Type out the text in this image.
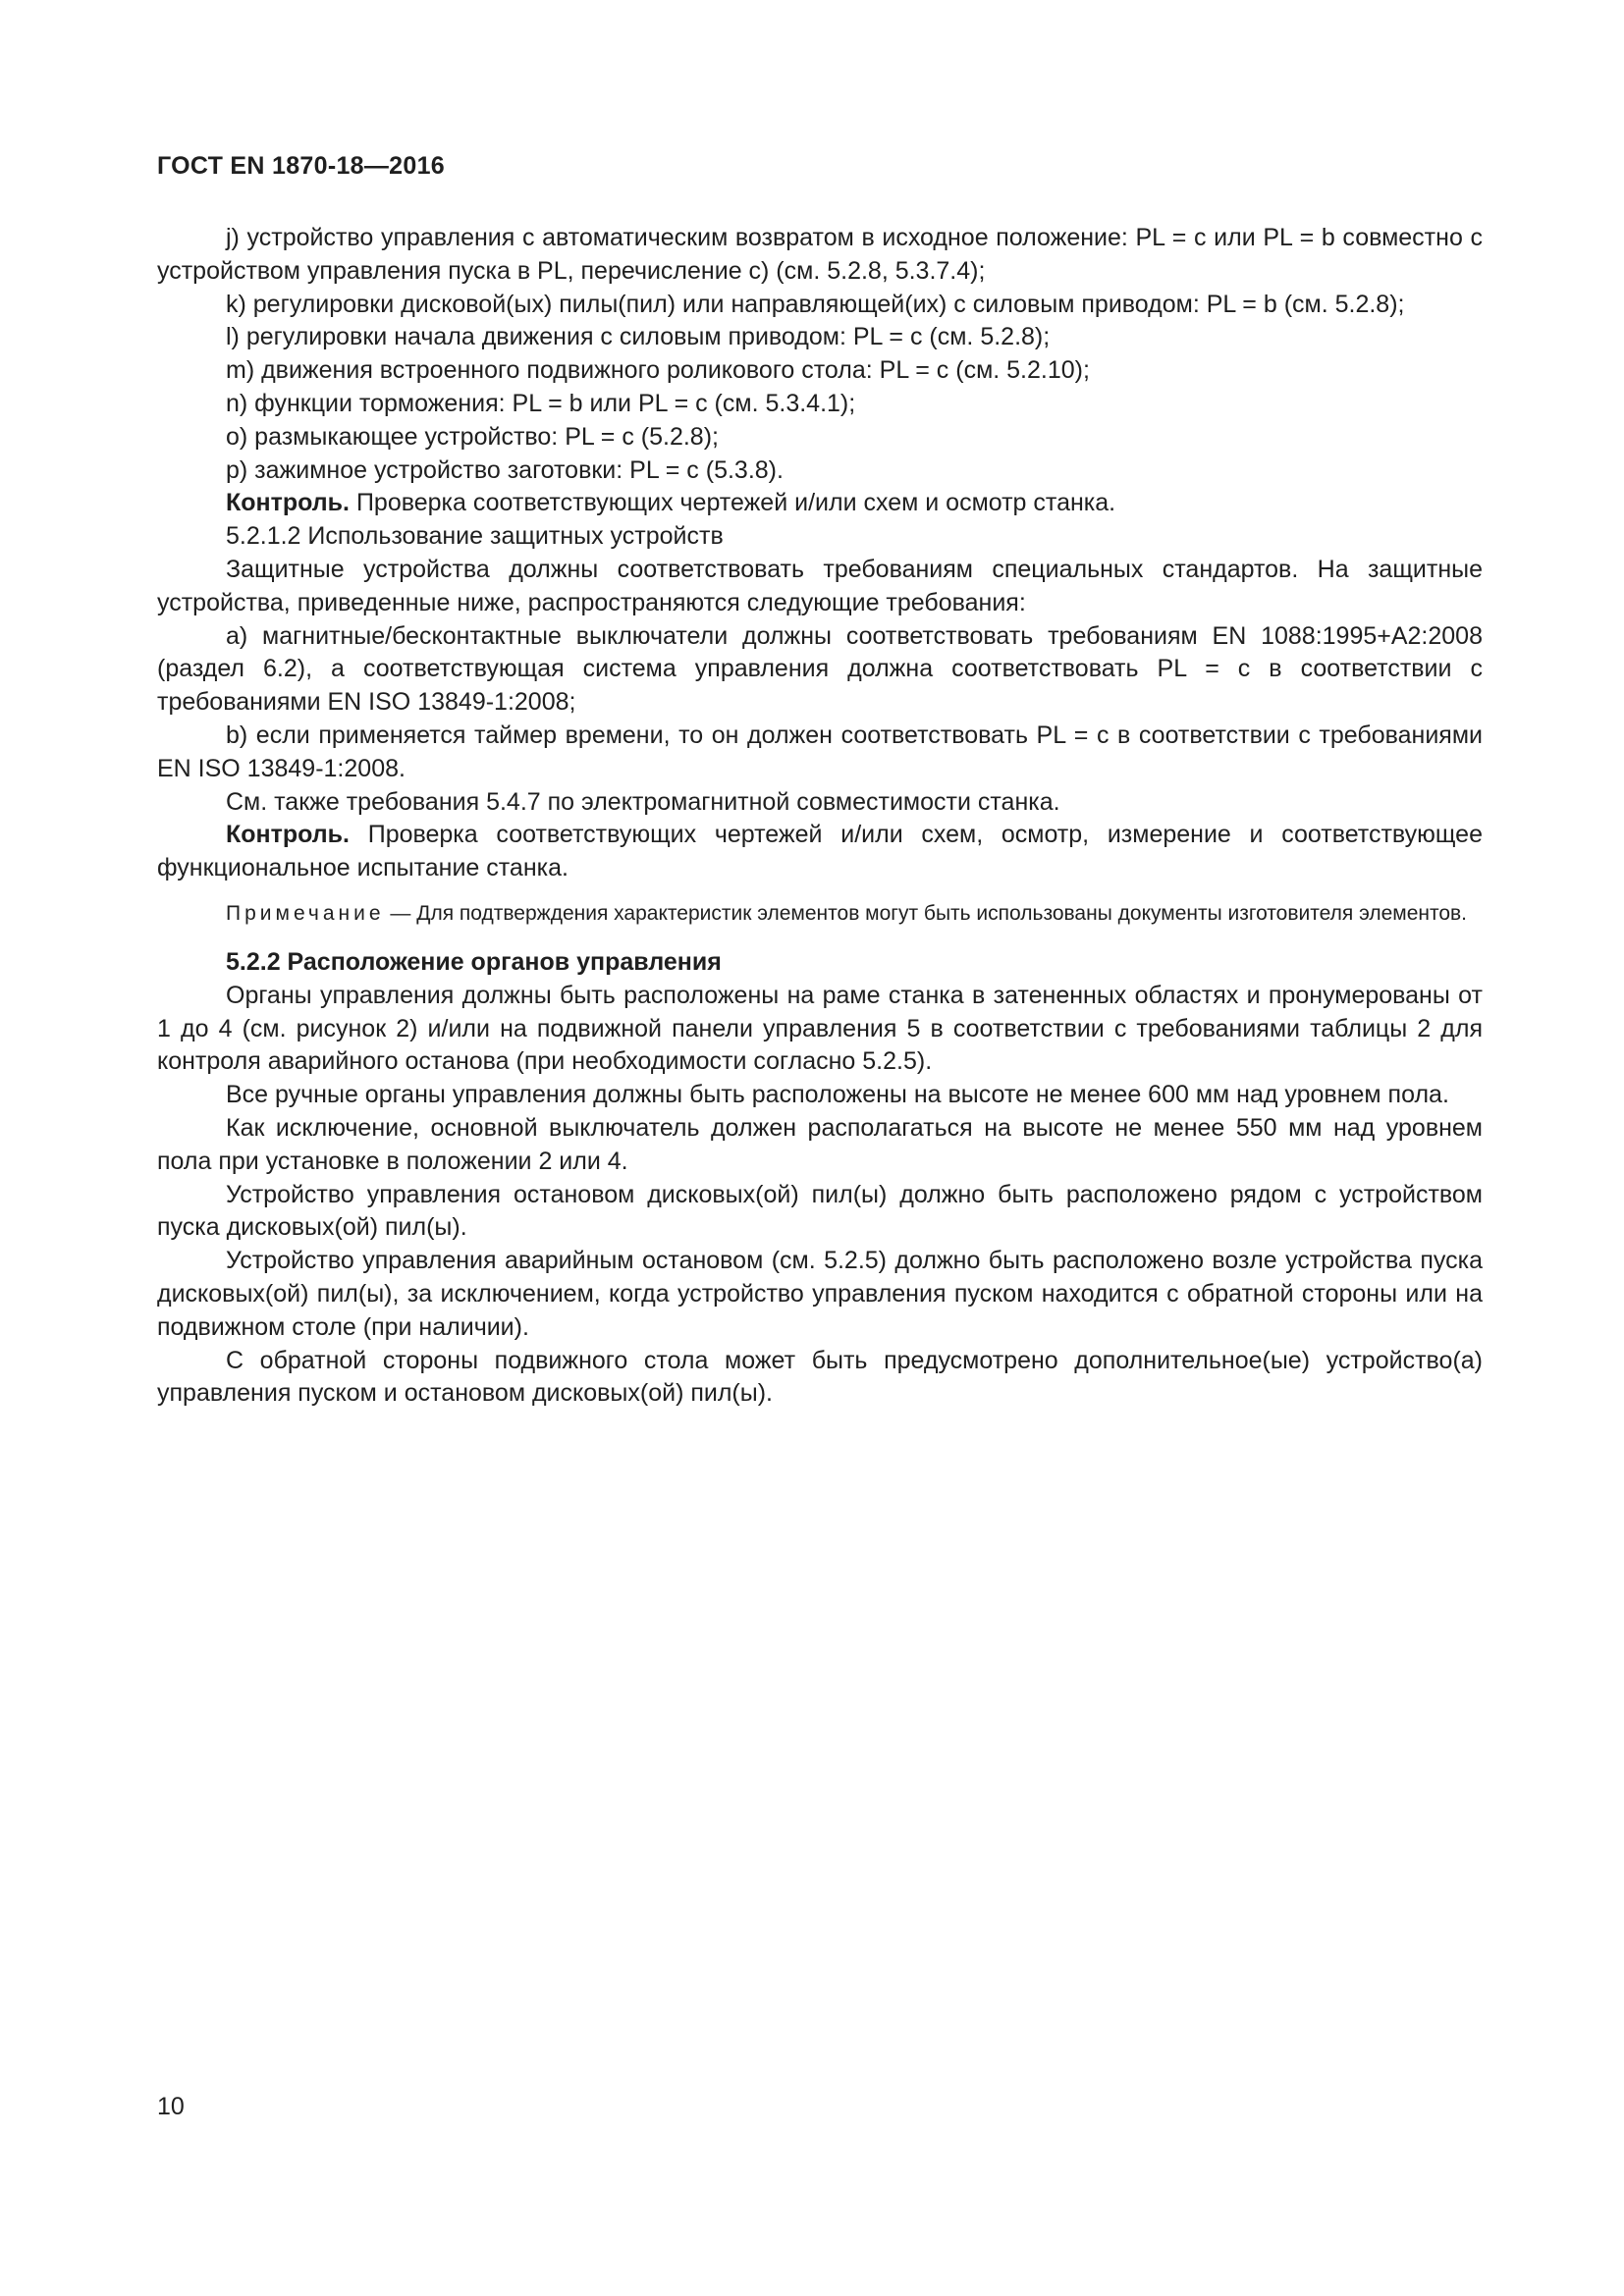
ГОСТ EN 1870-18—2016

j) устройство управления с автоматическим возвратом в исходное положение: PL = c или PL = b совместно с устройством управления пуска в PL, перечисление c) (см. 5.2.8, 5.3.7.4);

k) регулировки дисковой(ых) пилы(пил) или направляющей(их) с силовым приводом: PL = b (см. 5.2.8);

l) регулировки начала движения с силовым приводом: PL = c (см. 5.2.8);

m) движения встроенного подвижного роликового стола: PL = c (см. 5.2.10);

n) функции торможения: PL = b или PL = c (см. 5.3.4.1);

o) размыкающее устройство: PL = c (5.2.8);

p) зажимное устройство заготовки: PL = c (5.3.8).

Контроль. Проверка соответствующих чертежей и/или схем и осмотр станка.

5.2.1.2 Использование защитных устройств

Защитные устройства должны соответствовать требованиям специальных стандартов. На защитные устройства, приведенные ниже, распространяются следующие требования:

a) магнитные/бесконтактные выключатели должны соответствовать требованиям EN 1088:1995+A2:2008 (раздел 6.2), а соответствующая система управления должна соответствовать PL = c в соответствии с требованиями EN ISO 13849-1:2008;

b) если применяется таймер времени, то он должен соответствовать PL = c в соответствии с требованиями EN ISO 13849-1:2008.

См. также требования 5.4.7 по электромагнитной совместимости станка.

Контроль. Проверка соответствующих чертежей и/или схем, осмотр, измерение и соответствующее функциональное испытание станка.

Примечание — Для подтверждения характеристик элементов могут быть использованы документы изготовителя элементов.

5.2.2 Расположение органов управления

Органы управления должны быть расположены на раме станка в затененных областях и пронумерованы от 1 до 4 (см. рисунок 2) и/или на подвижной панели управления 5 в соответствии с требованиями таблицы 2 для контроля аварийного останова (при необходимости согласно 5.2.5).

Все ручные органы управления должны быть расположены на высоте не менее 600 мм над уровнем пола.

Как исключение, основной выключатель должен располагаться на высоте не менее 550 мм над уровнем пола при установке в положении 2 или 4.

Устройство управления остановом дисковых(ой) пил(ы) должно быть расположено рядом с устройством пуска дисковых(ой) пил(ы).

Устройство управления аварийным остановом (см. 5.2.5) должно быть расположено возле устройства пуска дисковых(ой) пил(ы), за исключением, когда устройство управления пуском находится с обратной стороны или на подвижном столе (при наличии).

С обратной стороны подвижного стола может быть предусмотрено дополнительное(ые) устройство(а) управления пуском и остановом дисковых(ой) пил(ы).

10
